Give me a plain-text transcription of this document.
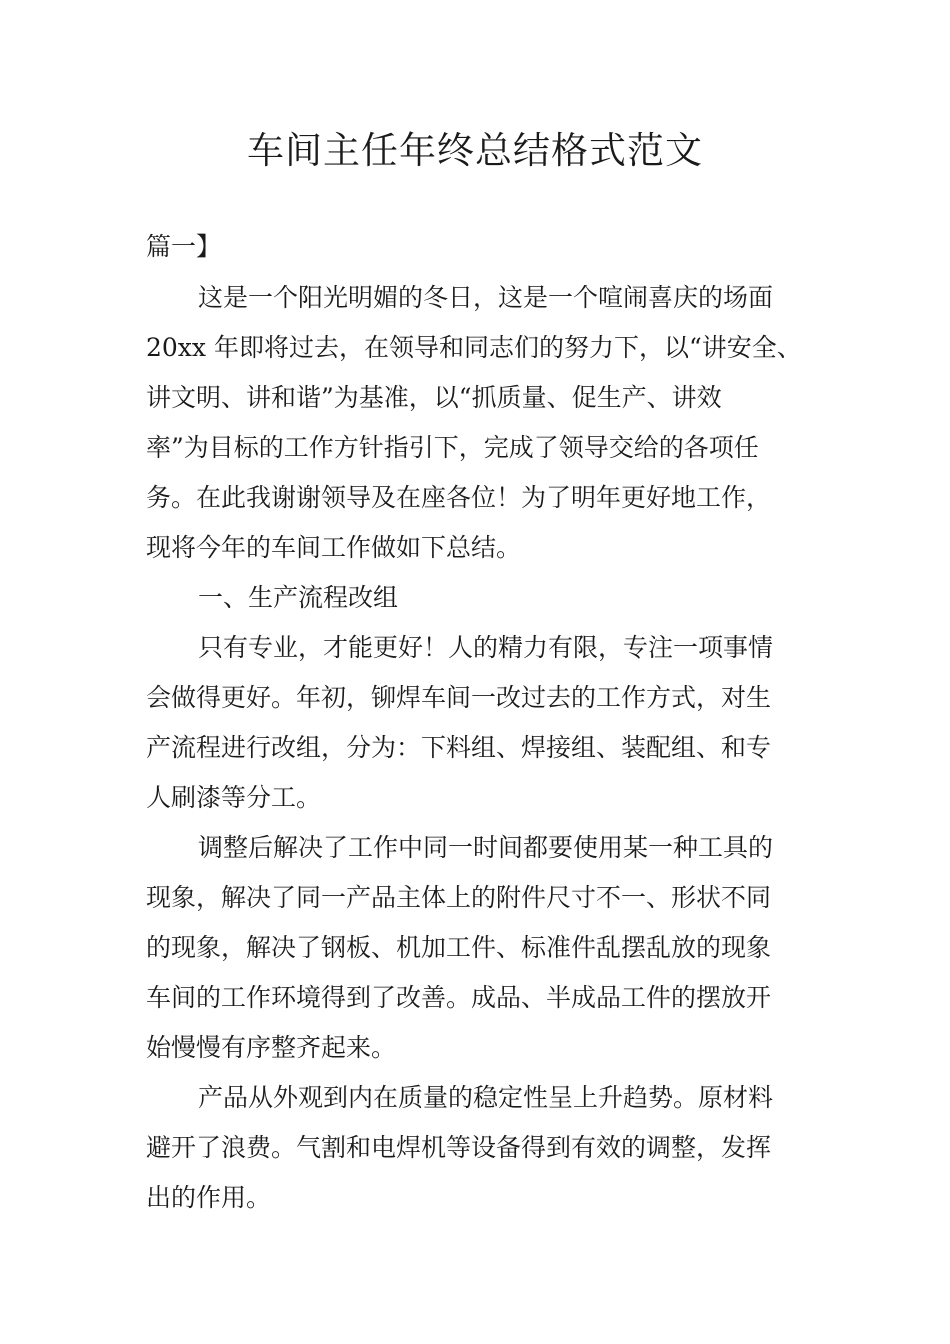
车间主任年终总结格式范文

篇一】

这是一个阳光明媚的冬日，这是一个喧闹喜庆的场面
20xx 年即将过去，在领导和同志们的努力下，以“讲安全、
讲文明、讲和谐”为基准，以“抓质量、促生产、讲效
率”为目标的工作方针指引下，完成了领导交给的各项任
务。在此我谢谢领导及在座各位！为了明年更好地工作，
现将今年的车间工作做如下总结。

一、生产流程改组

只有专业，才能更好！人的精力有限，专注一项事情
会做得更好。年初，铆焊车间一改过去的工作方式，对生
产流程进行改组，分为：下料组、焊接组、装配组、和专
人刷漆等分工。

调整后解决了工作中同一时间都要使用某一种工具的
现象，解决了同一产品主体上的附件尺寸不一、形状不同
的现象，解决了钢板、机加工件、标准件乱摆乱放的现象
车间的工作环境得到了改善。成品、半成品工件的摆放开
始慢慢有序整齐起来。

产品从外观到内在质量的稳定性呈上升趋势。原材料
避开了浪费。气割和电焊机等设备得到有效的调整，发挥
出的作用。
